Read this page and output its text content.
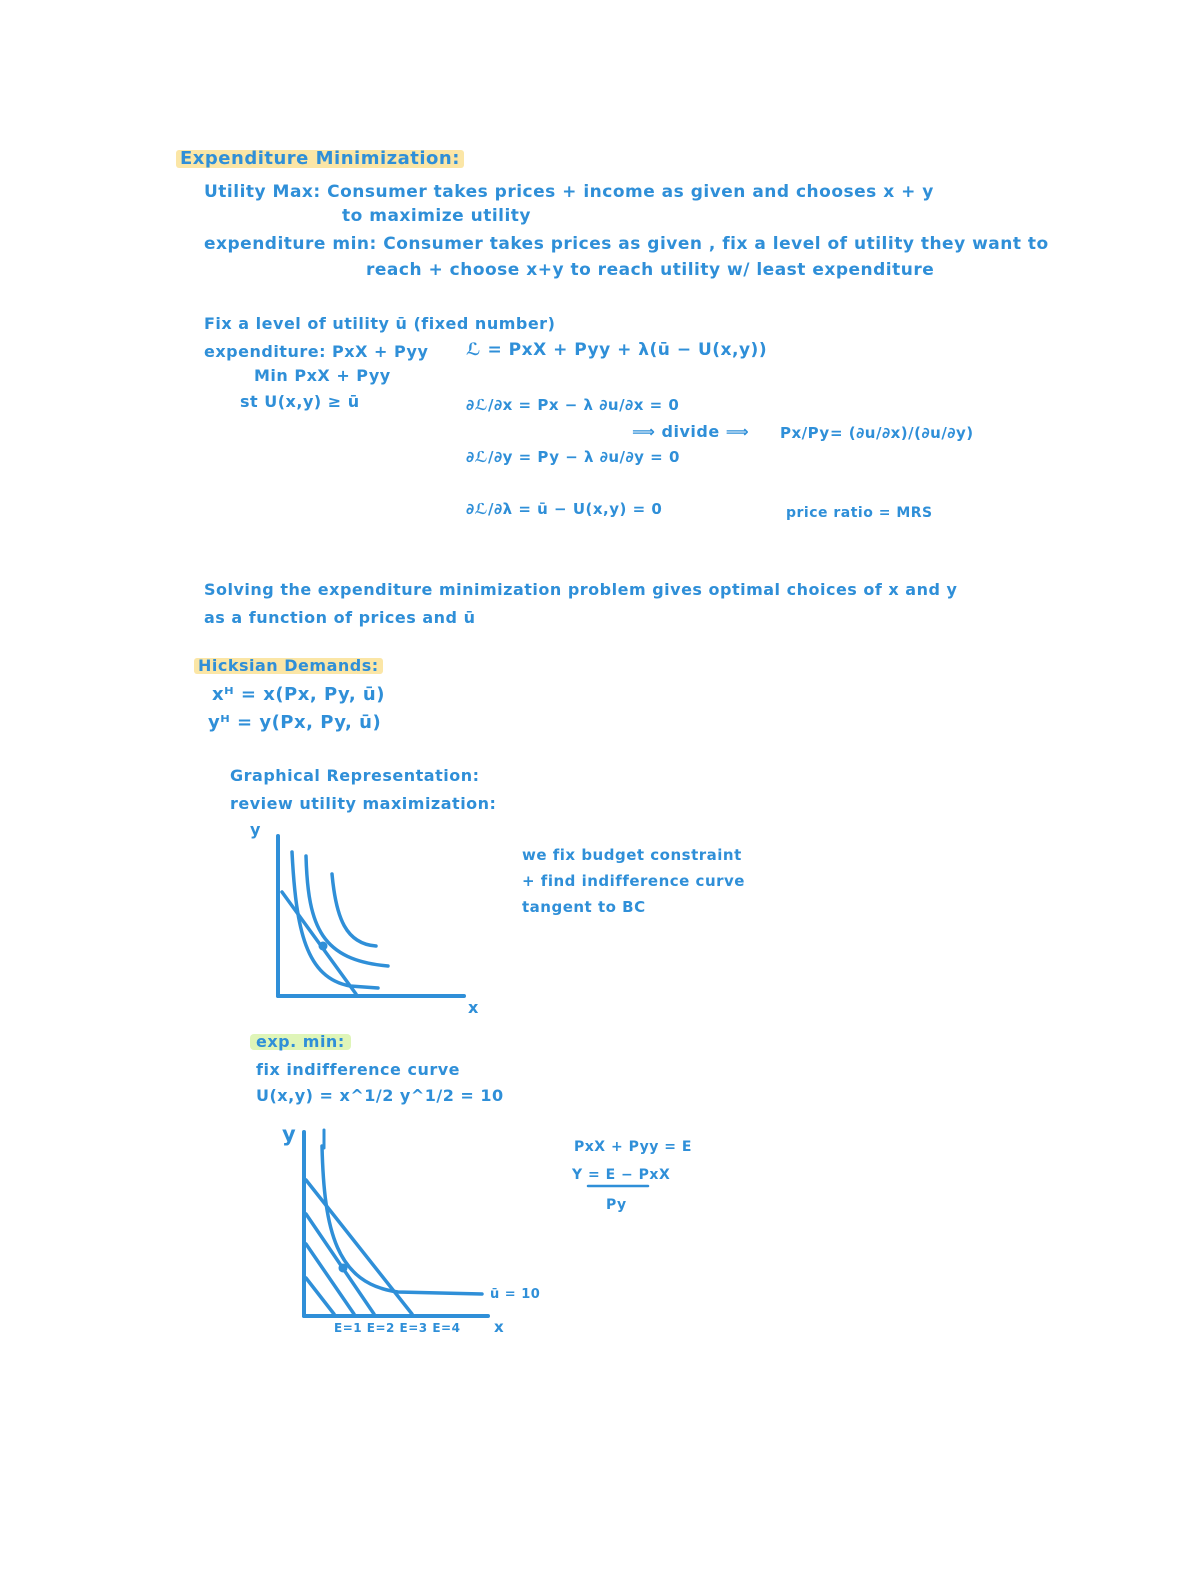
Expenditure Minimization:
Utility Max: Consumer takes prices + income as given and chooses x + y
to maximize utility
expenditure min: Consumer takes prices as given , fix a level of utility they want to
reach + choose x+y to reach utility w/ least expenditure
Fix a level of utility ū (fixed number)
expenditure: PxX + Pyy
Min PxX + Pyy
st U(x,y) ≥ ū
ℒ = PxX + Pyy + λ(ū − U(x,y))
∂ℒ/∂x = Px − λ ∂u/∂x = 0
∂ℒ/∂y = Py − λ ∂u/∂y = 0
∂ℒ/∂λ = ū − U(x,y) = 0
⟹ divide ⟹ Px/Py = (∂u/∂x)/(∂u/∂y)
price ratio = MRS
Solving the expenditure minimization problem gives optimal choices of x and y
as a function of prices and ū
Hicksian Demands:
xᴴ = x(Px, Py, ū)
yᴴ = y(Px, Py, ū)
Graphical Representation:
review utility maximization:
y
x
we fix budget constraint
+ find indifference curve
tangent to BC
exp. min:
fix indifference curve
U(x,y) = x^1/2 y^1/2 = 10
y
x
ū = 10
E=1 E=2 E=3 E=4
PxX + Pyy = E
Y = E − PxX
Py
